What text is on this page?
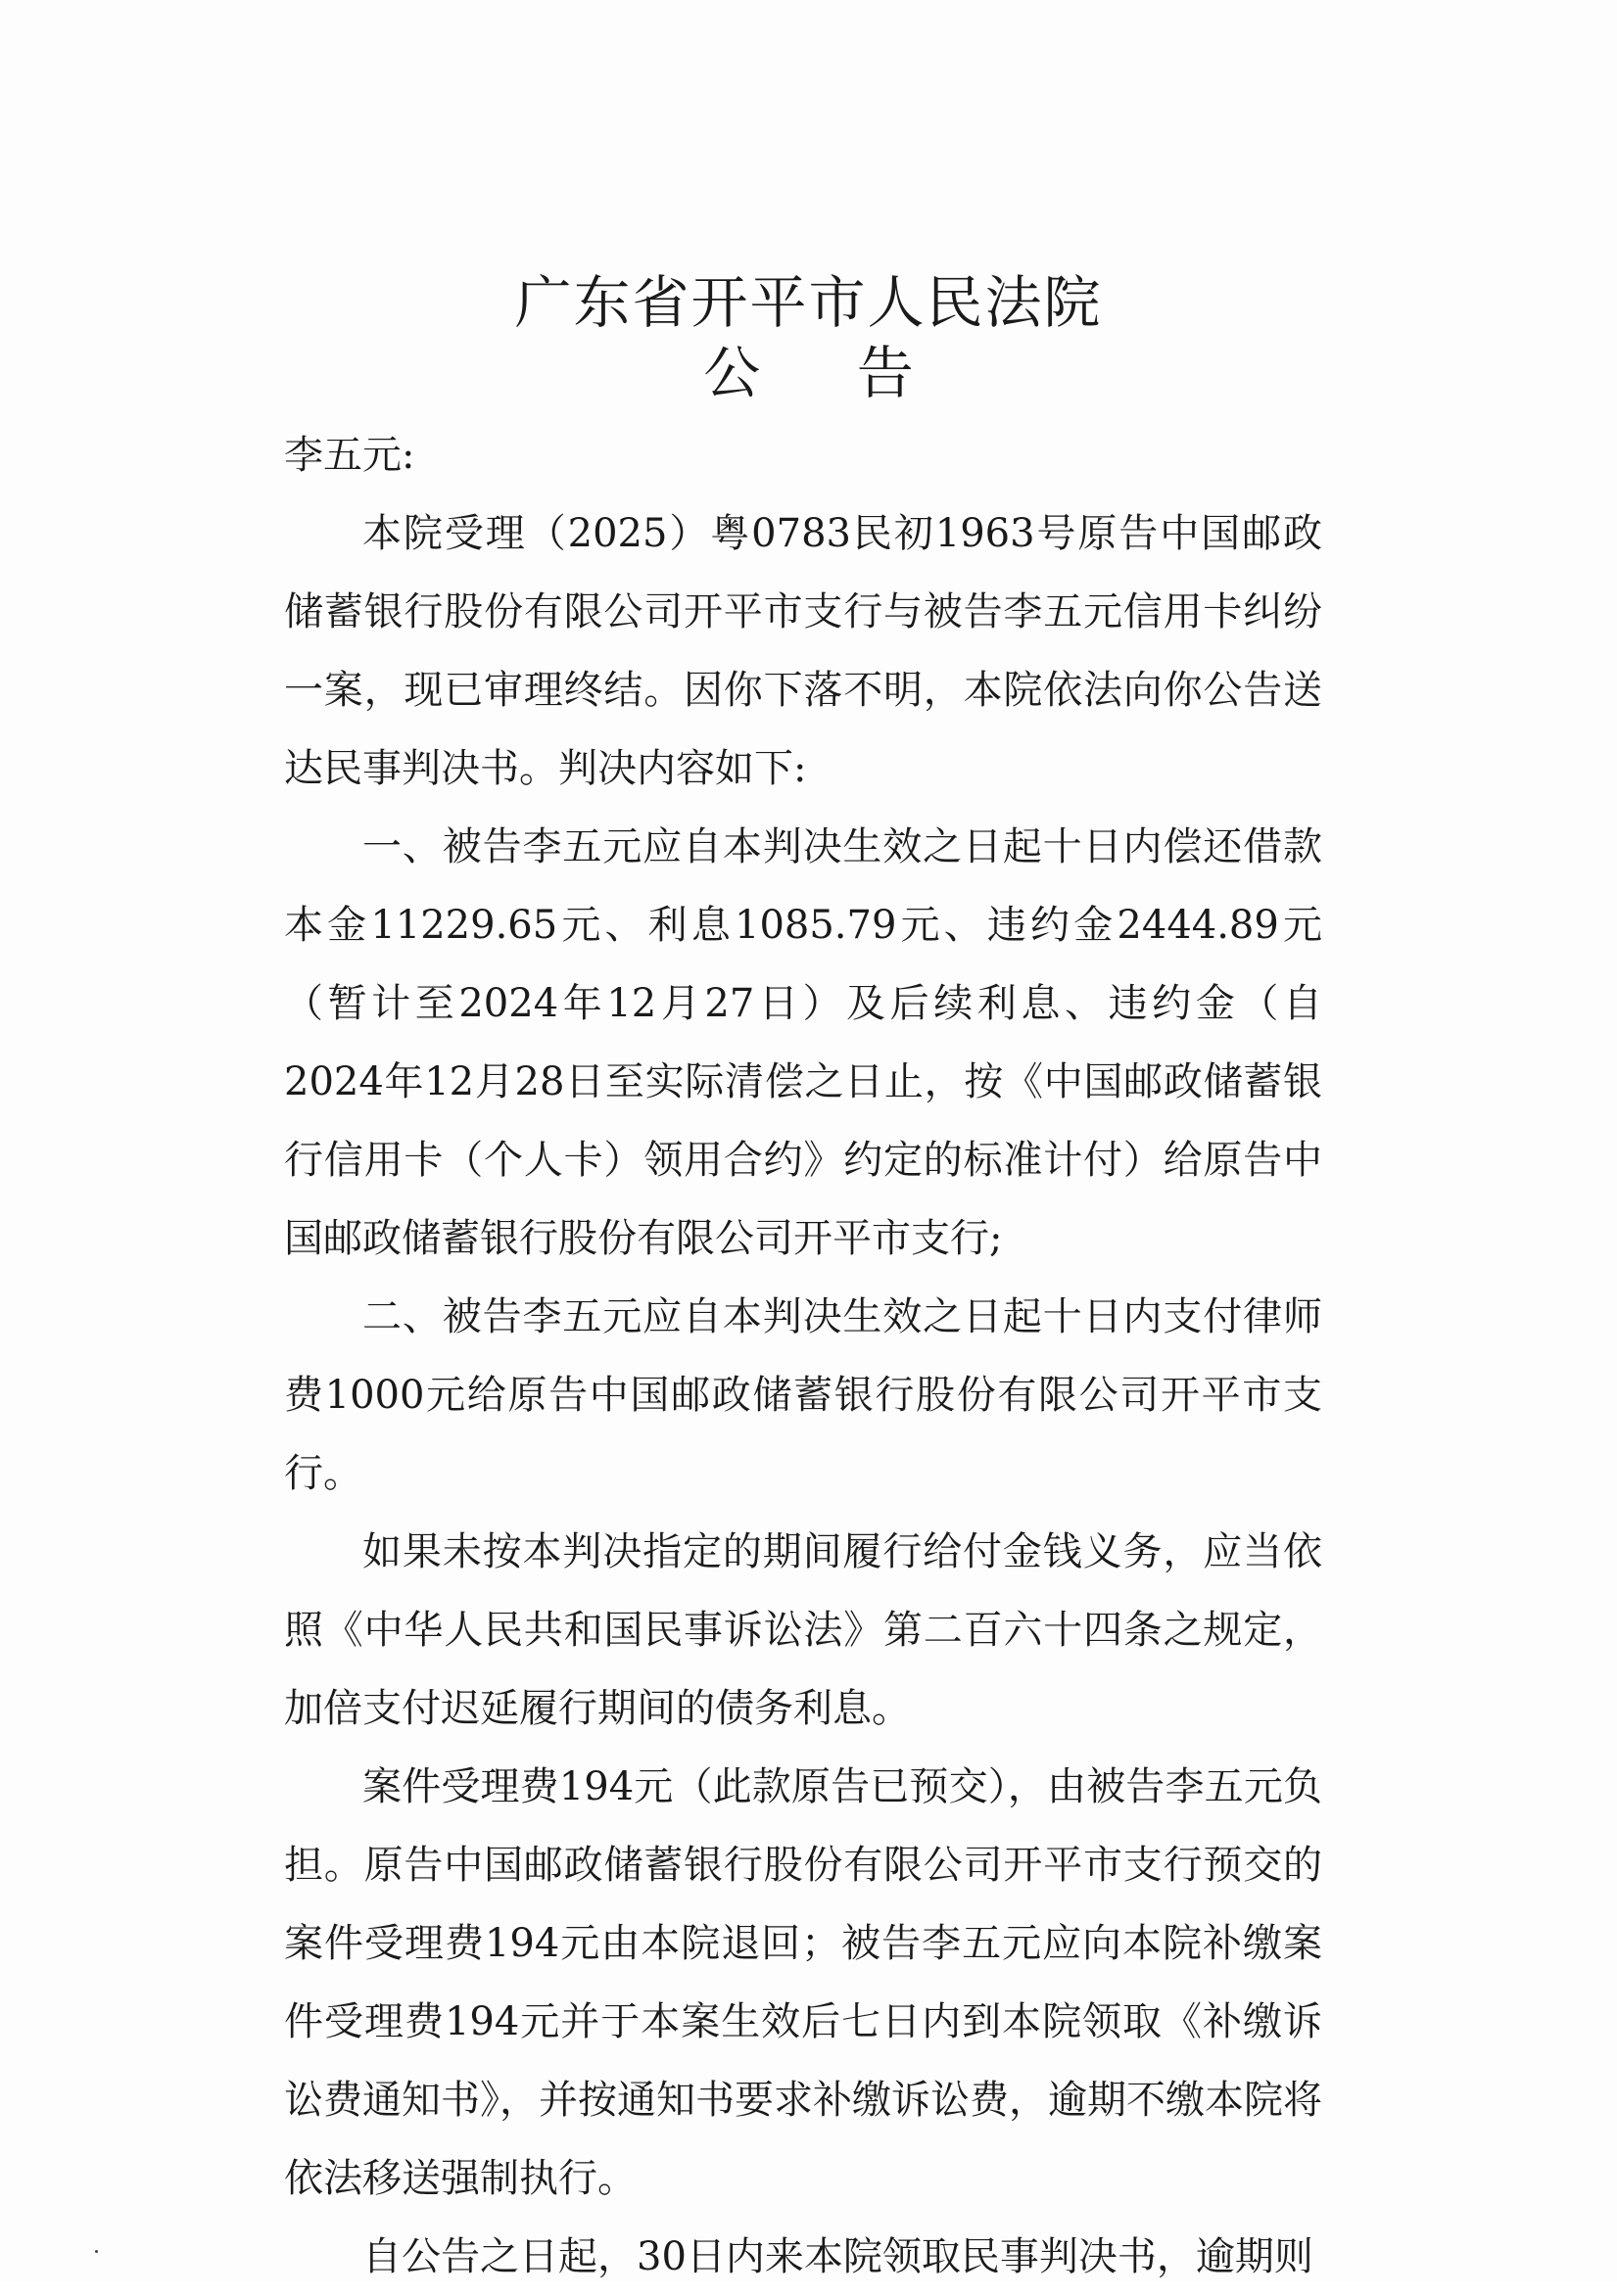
广东省开平市人民法院
公 告

李五元:

本院受理（2025）粤0783民初1963号原告中国邮政储蓄银行股份有限公司开平市支行与被告李五元信用卡纠纷一案，现已审理终结。因你下落不明，本院依法向你公告送达民事判决书。判决内容如下:

一、被告李五元应自本判决生效之日起十日内偿还借款本金11229.65元、利息1085.79元、违约金2444.89元（暂计至2024年12月27日）及后续利息、违约金（自2024年12月28日至实际清偿之日止，按《中国邮政储蓄银行信用卡（个人卡）领用合约》约定的标准计付）给原告中国邮政储蓄银行股份有限公司开平市支行;

二、被告李五元应自本判决生效之日起十日内支付律师费1000元给原告中国邮政储蓄银行股份有限公司开平市支行。

如果未按本判决指定的期间履行给付金钱义务，应当依照《中华人民共和国民事诉讼法》第二百六十四条之规定，加倍支付迟延履行期间的债务利息。

案件受理费194元（此款原告已预交），由被告李五元负担。原告中国邮政储蓄银行股份有限公司开平市支行预交的案件受理费194元由本院退回；被告李五元应向本院补缴案件受理费194元并于本案生效后七日内到本院领取《补缴诉讼费通知书》，并按通知书要求补缴诉讼费，逾期不缴本院将依法移送强制执行。

自公告之日起，30日内来本院领取民事判决书，逾期则
